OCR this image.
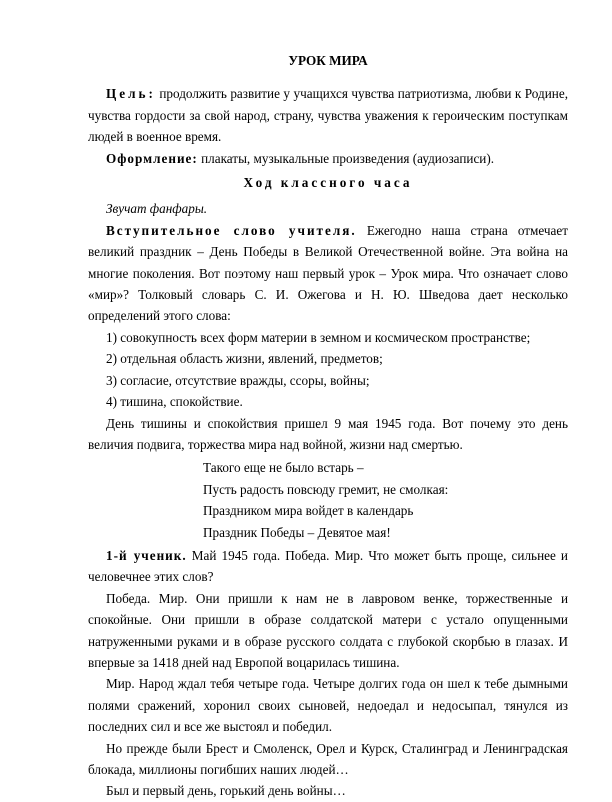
УРОК МИРА

Цель: продолжить развитие у учащихся чувства патриотизма, любви к Родине, чувства гордости за свой народ, страну, чувства уважения к героическим поступкам людей в военное время.

Оформление: плакаты, музыкальные произведения (аудиозаписи).

Ход классного часа

Звучат фанфары.

Вступительное слово учителя. Ежегодно наша страна отмечает великий праздник – День Победы в Великой Отечественной войне. Эта война на многие поколения. Вот поэтому наш первый урок – Урок мира. Что означает слово «мир»? Толковый словарь С. И. Ожегова и Н. Ю. Шведова дает несколько определений этого слова:

1) совокупность всех форм материи в земном и космическом пространстве;

2) отдельная область жизни, явлений, предметов;

3) согласие, отсутствие вражды, ссоры, войны;

4) тишина, спокойствие.

День тишины и спокойствия пришел 9 мая 1945 года. Вот почему это день величия подвига, торжества мира над войной, жизни над смертью.

Такого еще не было встарь –

Пусть радость повсюду гремит, не смолкая:

Праздником мира войдет в календарь

Праздник Победы – Девятое мая!

1-й ученик. Май 1945 года. Победа. Мир. Что может быть проще, сильнее и человечнее этих слов?

Победа. Мир. Они пришли к нам не в лавровом венке, торжественные и спокойные. Они пришли в образе солдатской матери с устало опущенными натруженными руками и в образе русского солдата с глубокой скорбью в глазах. И впервые за 1418 дней над Европой воцарилась тишина.

Мир. Народ ждал тебя четыре года. Четыре долгих года он шел к тебе дымными полями сражений, хоронил своих сыновей, недоедал и недосыпал, тянулся из последних сил и все же выстоял и победил.

Но прежде были Брест и Смоленск, Орел и Курск, Сталинград и Ленинградская блокада, миллионы погибших наших людей…

Был и первый день, горький день войны…
